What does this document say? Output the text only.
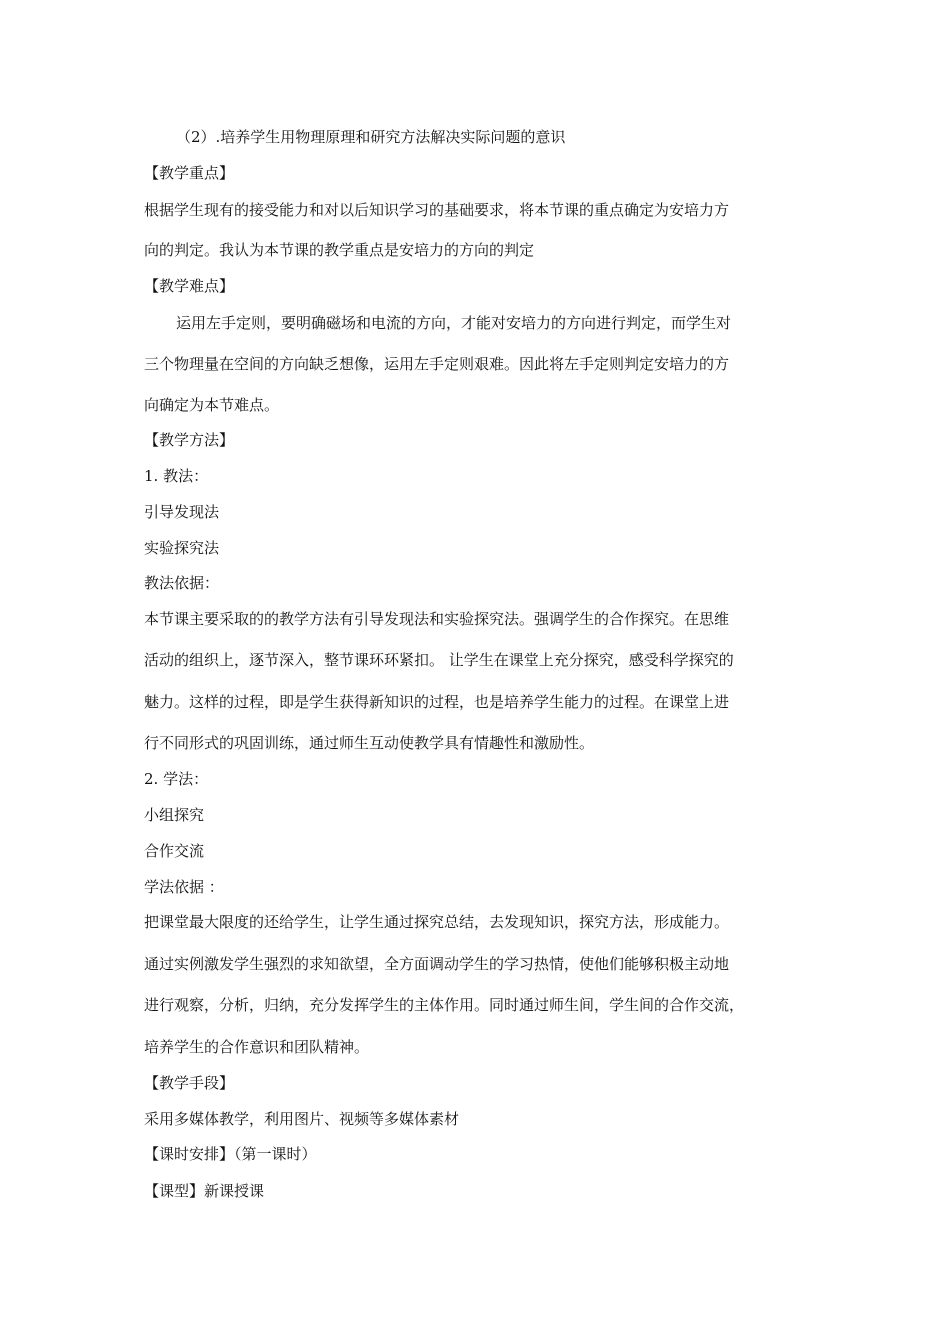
（2）.培养学生用物理原理和研究方法解决实际问题的意识
【教学重点】
根据学生现有的接受能力和对以后知识学习的基础要求，将本节课的重点确定为安培力方
向的判定。我认为本节课的教学重点是安培力的方向的判定
【教学难点】
运用左手定则，要明确磁场和电流的方向，才能对安培力的方向进行判定，而学生对
三个物理量在空间的方向缺乏想像，运用左手定则艰难。因此将左手定则判定安培力的方
向确定为本节难点。
【教学方法】
1. 教法：
引导发现法
实验探究法
教法依据：
本节课主要采取的的教学方法有引导发现法和实验探究法。强调学生的合作探究。在思维
活动的组织上，逐节深入，整节课环环紧扣。 让学生在课堂上充分探究，感受科学探究的
魅力。这样的过程，即是学生获得新知识的过程，也是培养学生能力的过程。在课堂上进
行不同形式的巩固训练，通过师生互动使教学具有情趣性和激励性。
2. 学法：
小组探究
合作交流
学法依据 ：
把课堂最大限度的还给学生，让学生通过探究总结，去发现知识，探究方法，形成能力。
通过实例激发学生强烈的求知欲望，全方面调动学生的学习热情，使他们能够积极主动地
进行观察，分析，归纳，充分发挥学生的主体作用。同时通过师生间，学生间的合作交流，
培养学生的合作意识和团队精神。
【教学手段】
采用多媒体教学，利用图片、视频等多媒体素材
【课时安排】（第一课时）
【课型】新课授课
